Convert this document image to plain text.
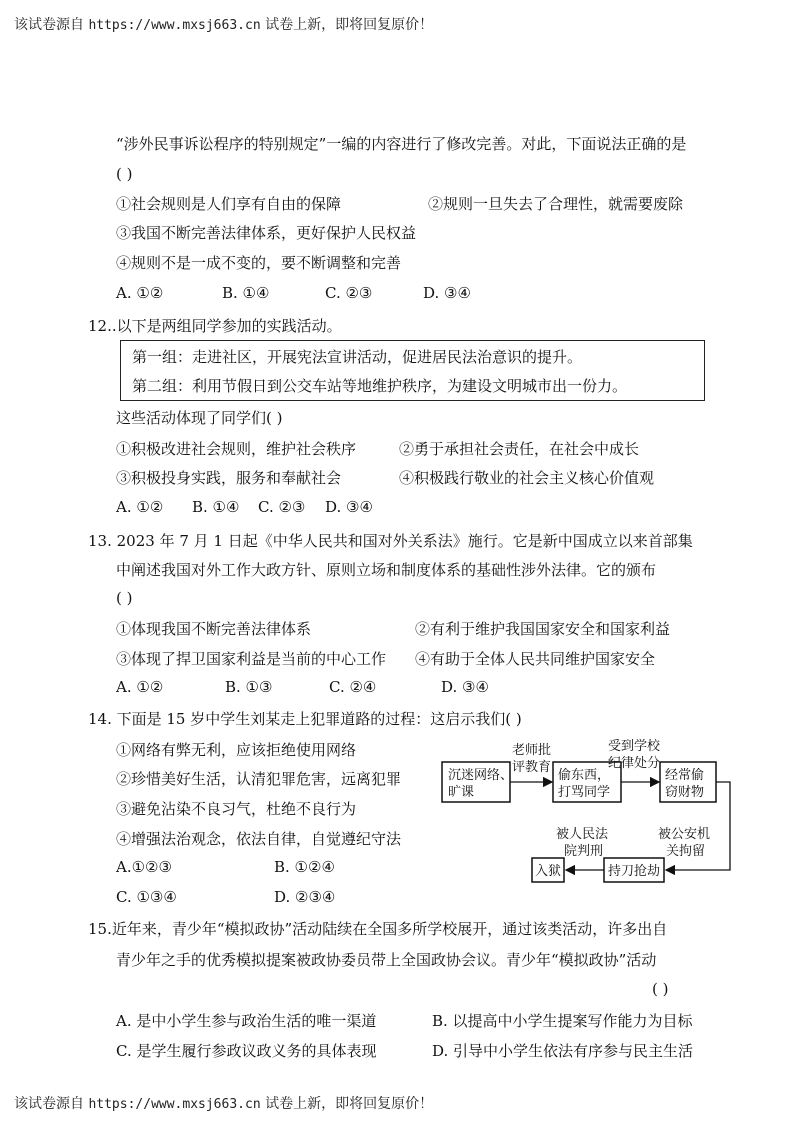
该试卷源自 https://www.mxsj663.cn 试卷上新，即将回复原价！
“涉外民事诉讼程序的特别规定”一编的内容进行了修改完善。对此，下面说法正确的是
( )
①社会规则是人们享有自由的保障	②规则一旦失去了合理性，就需要废除
③我国不断完善法律体系，更好保护人民权益
④规则不是一成不变的，要不断调整和完善
A. ①②	B. ①④	C. ②③	D. ③④
12..以下是两组同学参加的实践活动。
第一组：走进社区，开展宪法宣讲活动，促进居民法治意识的提升。
第二组：利用节假日到公交车站等地维护秩序，为建设文明城市出一份力。
这些活动体现了同学们( )
①积极改进社会规则，维护社会秩序	②勇于承担社会责任，在社会中成长
③积极投身实践，服务和奉献社会	④积极践行敬业的社会主义核心价值观
A. ①② B. ①④ C. ②③ D. ③④
13. 2023 年 7 月 1 日起《中华人民共和国对外关系法》施行。它是新中国成立以来首部集
中阐述我国对外工作大政方针、原则立场和制度体系的基础性涉外法律。它的颁布
( )
①体现我国不断完善法律体系	②有利于维护我国国家安全和国家利益
③体现了捍卫国家利益是当前的中心工作 ④有助于全体人民共同维护国家安全
A. ①②	B. ①③	C. ②④	D. ③④
14. 下面是 15 岁中学生刘某走上犯罪道路的过程：这启示我们( )
①网络有弊无利，应该拒绝使用网络
②珍惜美好生活，认清犯罪危害，远离犯罪
③避免沾染不良习气，杜绝不良行为
④增强法治观念，依法自律，自觉遵纪守法
A.①②③	B. ①②④
C. ①③④	D. ②③④
沉迷网络、
旷课
偷东西，
打骂同学
经常偷
窃财物
老师批
评教育
受到学校
纪律处分
被公安机
关拘留
持刀抢劫
被人民法
院判刑
入狱
15.近年来，青少年“模拟政协”活动陆续在全国多所学校展开，通过该类活动，许多出自
青少年之手的优秀模拟提案被政协委员带上全国政协会议。青少年“模拟政协”活动
( )
A. 是中小学生参与政治生活的唯一渠道	B. 以提高中小学生提案写作能力为目标
C. 是学生履行参政议政义务的具体表现	D. 引导中小学生依法有序参与民主生活
该试卷源自 https://www.mxsj663.cn 试卷上新，即将回复原价！
